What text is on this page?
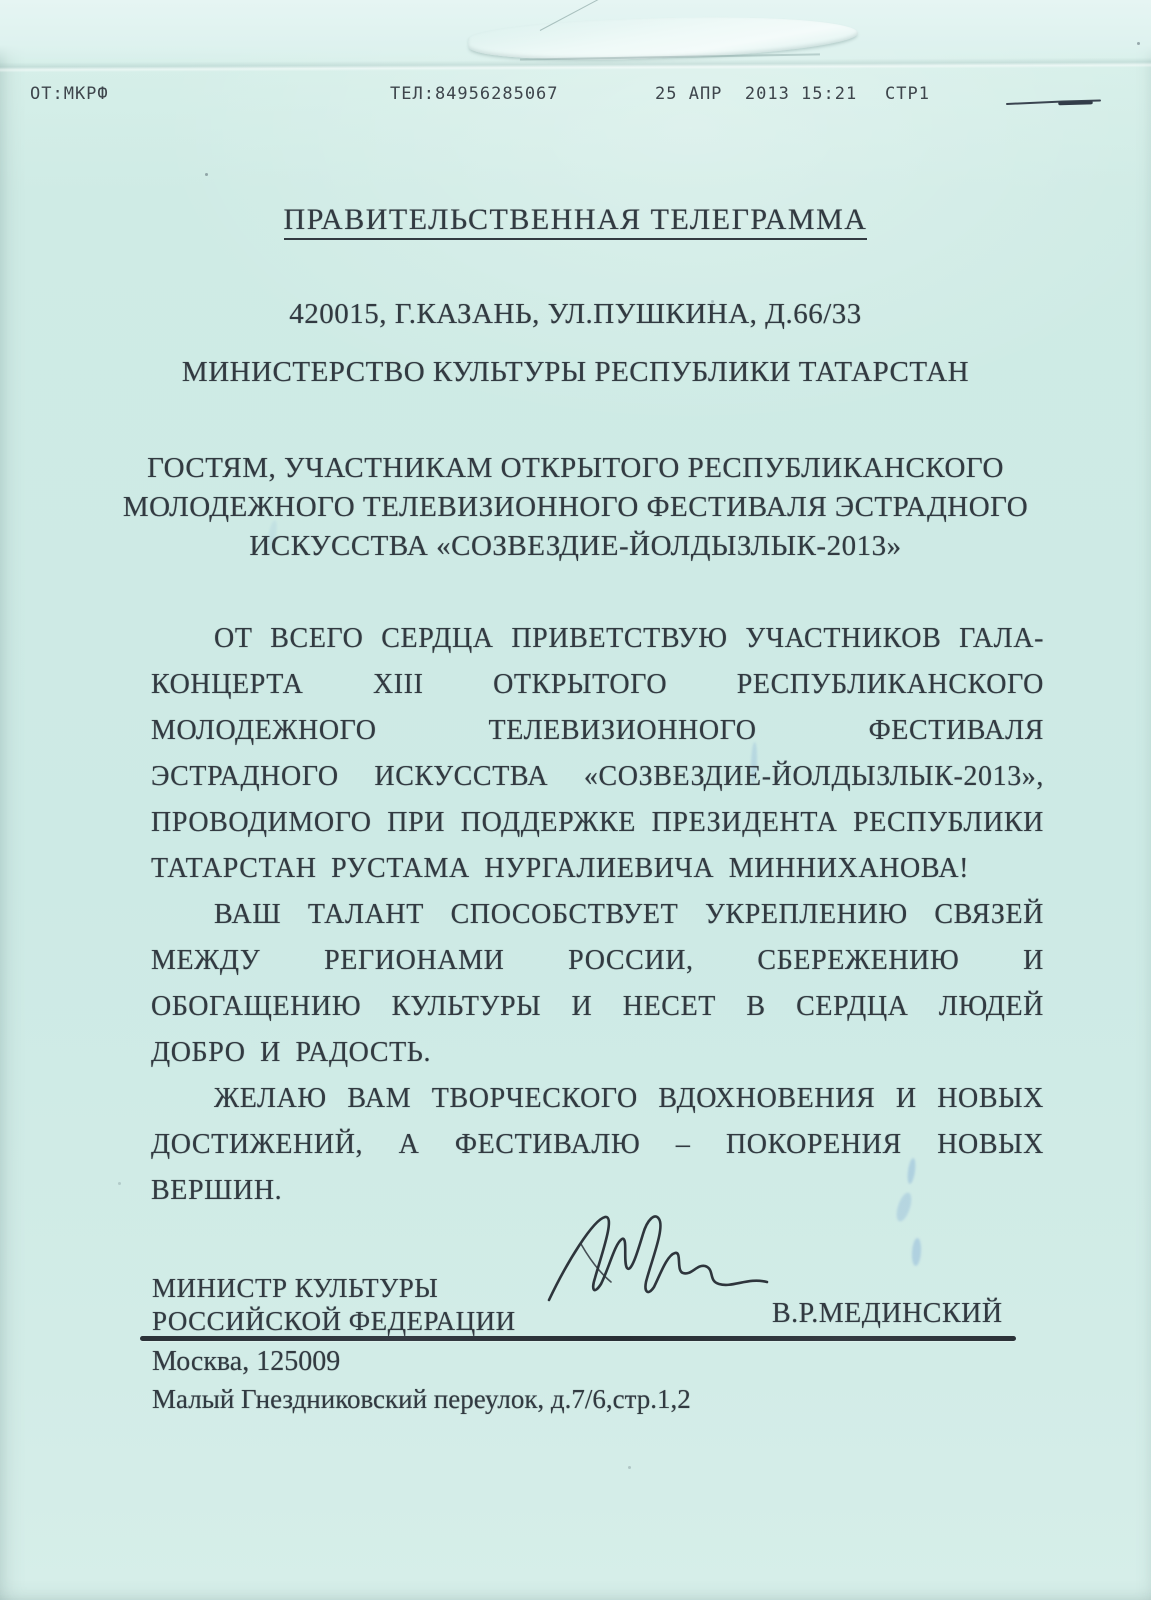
ОТ:МКРФ	ТЕЛ:84956285067	25 АПР  2013 15:21 СТР1
ПРАВИТЕЛЬСТВЕННАЯ ТЕЛЕГРАММА
420015, Г.КАЗАНЬ, УЛ.ПУШКИНА, Д.66/33
МИНИСТЕРСТВО КУЛЬТУРЫ РЕСПУБЛИКИ ТАТАРСТАН
ГОСТЯМ, УЧАСТНИКАМ ОТКРЫТОГО РЕСПУБЛИКАНСКОГО
МОЛОДЕЖНОГО ТЕЛЕВИЗИОННОГО ФЕСТИВАЛЯ ЭСТРАДНОГО
ИСКУССТВА «СОЗВЕЗДИЕ-ЙОЛДЫЗЛЫК-2013»

ОТ ВСЕГО СЕРДЦА ПРИВЕТСТВУЮ УЧАСТНИКОВ ГАЛА-КОНЦЕРТА XIII ОТКРЫТОГО РЕСПУБЛИКАНСКОГО МОЛОДЕЖНОГО ТЕЛЕВИЗИОННОГО ФЕСТИВАЛЯ ЭСТРАДНОГО ИСКУССТВА «СОЗВЕЗДИЕ-ЙОЛДЫЗЛЫК-2013», ПРОВОДИМОГО ПРИ ПОДДЕРЖКЕ ПРЕЗИДЕНТА РЕСПУБЛИКИ ТАТАРСТАН РУСТАМА НУРГАЛИЕВИЧА МИННИХАНОВА!

ВАШ ТАЛАНТ СПОСОБСТВУЕТ УКРЕПЛЕНИЮ СВЯЗЕЙ МЕЖДУ РЕГИОНАМИ РОССИИ, СБЕРЕЖЕНИЮ И ОБОГАЩЕНИЮ КУЛЬТУРЫ И НЕСЕТ В СЕРДЦА ЛЮДЕЙ ДОБРО И РАДОСТЬ.

ЖЕЛАЮ ВАМ ТВОРЧЕСКОГО ВДОХНОВЕНИЯ И НОВЫХ ДОСТИЖЕНИЙ, А ФЕСТИВАЛЮ – ПОКОРЕНИЯ НОВЫХ ВЕРШИН.

МИНИСТР КУЛЬТУРЫ
РОССИЙСКОЙ ФЕДЕРАЦИИ	В.Р.МЕДИНСКИЙ
Москва, 125009
Малый Гнездниковский переулок, д.7/6,стр.1,2
